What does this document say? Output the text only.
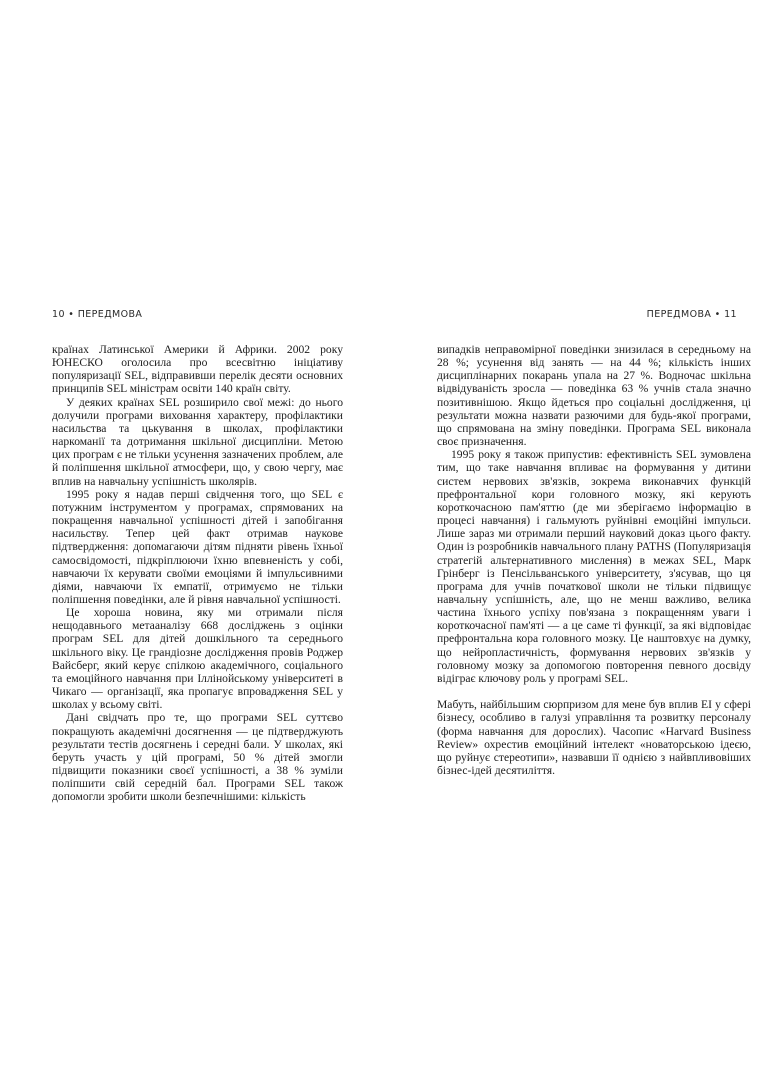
10 • ПЕРЕДМОВА

країнах Латинської Америки й Африки. 2002 року ЮНЕСКО оголосила про всесвітню ініціативу популяризації SEL, відправивши перелік десяти основних принципів SEL міністрам освіти 140 країн світу.

У деяких країнах SEL розширило свої межі: до нього долучили програми виховання характеру, профілактики насильства та цькування в школах, профілактики наркоманії та дотримання шкільної дисципліни. Метою цих програм є не тільки усунення зазначених проблем, але й поліпшення шкільної атмосфери, що, у свою чергу, має вплив на навчальну успішність школярів.

1995 року я надав перші свідчення того, що SEL є потужним інструментом у програмах, спрямованих на покращення навчальної успішності дітей і запобігання насильству. Тепер цей факт отримав наукове підтвердження: допомагаючи дітям підняти рівень їхньої самосвідомості, підкріплюючи їхню впевненість у собі, навчаючи їх керувати своїми емоціями й імпульсивними діями, навчаючи їх емпатії, отримуємо не тільки поліпшення поведінки, але й рівня навчальної успішності.

Це хороша новина, яку ми отримали після нещодавнього метааналізу 668 досліджень з оцінки програм SEL для дітей дошкільного та середнього шкільного віку. Це грандіозне дослідження провів Роджер Вайсберг, який керує спілкою академічного, соціального та емоційного навчання при Іллінойському університеті в Чикаго — організації, яка пропагує впровадження SEL у школах у всьому світі.

Дані свідчать про те, що програми SEL суттєво покращують академічні досягнення — це підтверджують результати тестів досягнень і середні бали. У школах, які беруть участь у цій програмі, 50 % дітей змогли підвищити показники своєї успішності, а 38 % зуміли поліпшити свій середній бал. Програми SEL також допомогли зробити школи безпечнішими: кількість

ПЕРЕДМОВА • 11

випадків неправомірної поведінки знизилася в середньому на 28 %; усунення від занять — на 44 %; кількість інших дисциплінарних покарань упала на 27 %. Водночас шкільна відвідуваність зросла — поведінка 63 % учнів стала значно позитивнішою. Якщо йдеться про соціальні дослідження, ці результати можна назвати разючими для будь-якої програми, що спрямована на зміну поведінки. Програма SEL виконала своє призначення.

1995 року я також припустив: ефективність SEL зумовлена тим, що таке навчання впливає на формування у дитини систем нервових зв'язків, зокрема виконавчих функцій префронтальної кори головного мозку, які керують короткочасною пам'яттю (де ми зберігаємо інформацію в процесі навчання) і гальмують руйнівні емоційні імпульси. Лише зараз ми отримали перший науковий доказ цього факту. Один із розробників навчального плану PATHS (Популяризація стратегій альтернативного мислення) в межах SEL, Марк Грінберг із Пенсільванського університету, з'ясував, що ця програма для учнів початкової школи не тільки підвищує навчальну успішність, але, що не менш важливо, велика частина їхнього успіху пов'язана з покращенням уваги і короткочасної пам'яті — а це саме ті функції, за які відповідає префронтальна кора головного мозку. Це наштовхує на думку, що нейропластичність, формування нервових зв'язків у головному мозку за допомогою повторення певного досвіду відіграє ключову роль у програмі SEL.

Мабуть, найбільшим сюрпризом для мене був вплив EI у сфері бізнесу, особливо в галузі управління та розвитку персоналу (форма навчання для дорослих). Часопис «Harvard Business Review» охрестив емоційний інтелект «новаторською ідеєю, що руйнує стереотипи», назвавши її однією з найвпливовіших бізнес-ідей десятиліття.
